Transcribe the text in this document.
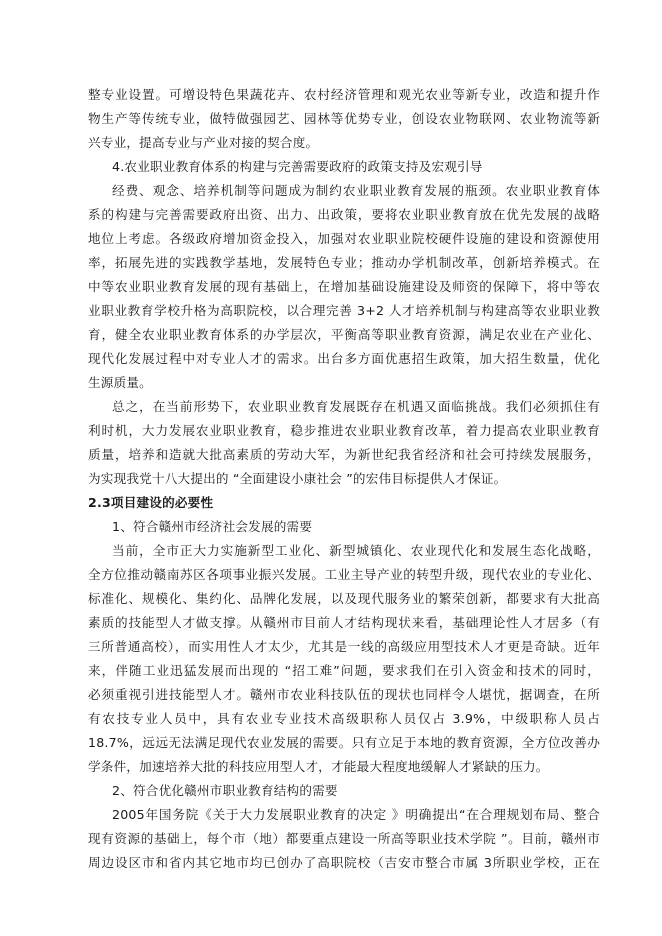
整专业设置。可增设特色果蔬花卉、农村经济管理和观光农业等新专业，改造和提升作
物生产等传统专业，做特做强园艺、园林等优势专业，创设农业物联网、农业物流等新
兴专业，提高专业与产业对接的契合度。
4.农业职业教育体系的构建与完善需要政府的政策支持及宏观引导
经费、观念、培养机制等问题成为制约农业职业教育发展的瓶颈。农业职业教育体
系的构建与完善需要政府出资、出力、出政策，要将农业职业教育放在优先发展的战略
地位上考虑。各级政府增加资金投入，加强对农业职业院校硬件设施的建设和资源使用
率，拓展先进的实践教学基地，发展特色专业；推动办学机制改革，创新培养模式。在
中等农业职业教育发展的现有基础上，在增加基础设施建设及师资的保障下，将中等农
业职业教育学校升格为高职院校，以合理完善 3+2 人才培养机制与构建高等农业职业教
育，健全农业职业教育体系的办学层次，平衡高等职业教育资源，满足农业在产业化、
现代化发展过程中对专业人才的需求。出台多方面优惠招生政策，加大招生数量，优化
生源质量。
总之，在当前形势下，农业职业教育发展既存在机遇又面临挑战。我们必须抓住有
利时机，大力发展农业职业教育，稳步推进农业职业教育改革，着力提高农业职业教育
质量，培养和造就大批高素质的劳动大军，为新世纪我省经济和社会可持续发展服务，
为实现我党十八大提出的 “全面建设小康社会 ”的宏伟目标提供人才保证。
2.3项目建设的必要性
1、符合赣州市经济社会发展的需要
当前，全市正大力实施新型工业化、新型城镇化、农业现代化和发展生态化战略，
全方位推动赣南苏区各项事业振兴发展。工业主导产业的转型升级，现代农业的专业化、
标准化、规模化、集约化、品牌化发展，以及现代服务业的繁荣创新，都要求有大批高
素质的技能型人才做支撑。从赣州市目前人才结构现状来看，基础理论性人才居多（有
三所普通高校），而实用性人才太少，尤其是一线的高级应用型技术人才更是奇缺。近年
来，伴随工业迅猛发展而出现的 “招工难”问题，要求我们在引入资金和技术的同时，
必须重视引进技能型人才。赣州市农业科技队伍的现状也同样令人堪忧，据调查，在所
有农技专业人员中，具有农业专业技术高级职称人员仅占 3.9%，中级职称人员占
18.7%，远远无法满足现代农业发展的需要。只有立足于本地的教育资源，全方位改善办
学条件，加速培养大批的科技应用型人才，才能最大程度地缓解人才紧缺的压力。
2、符合优化赣州市职业教育结构的需要
2005年国务院《关于大力发展职业教育的决定 》明确提出“在合理规划布局、整合
现有资源的基础上，每个市（地）都要重点建设一所高等职业技术学院 ”。目前，赣州市
周边设区市和省内其它地市均已创办了高职院校（吉安市整合市属 3所职业学校，正在
